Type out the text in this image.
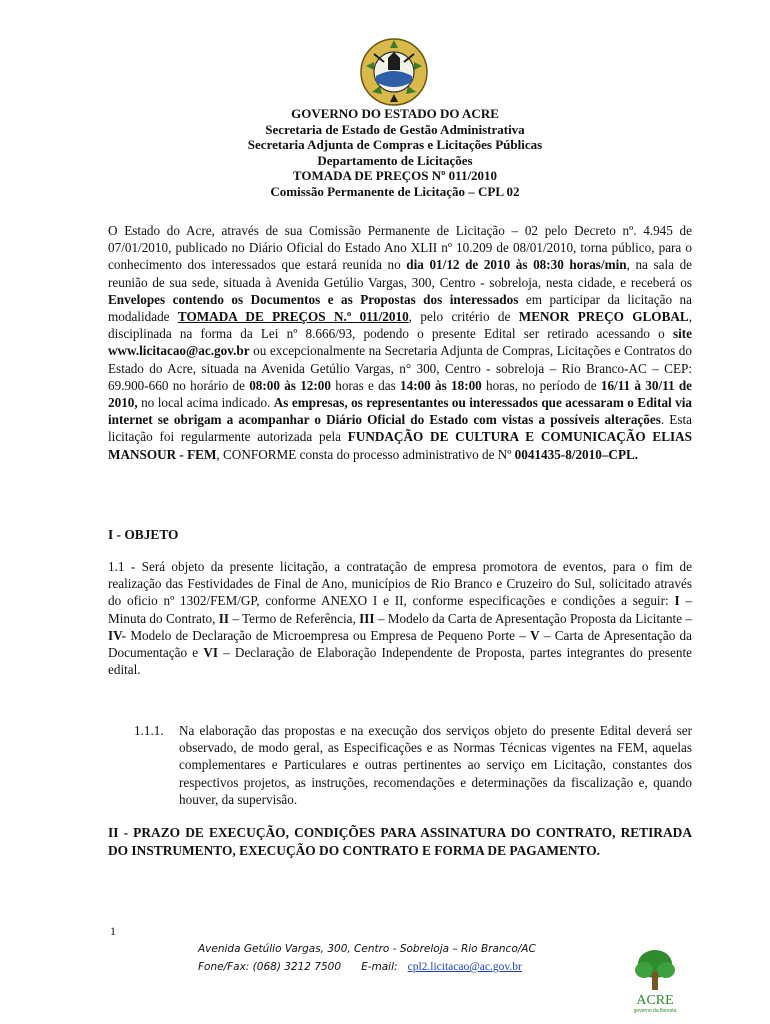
GOVERNO DO ESTADO DO ACRE
Secretaria de Estado de Gestão Administrativa
Secretaria Adjunta de Compras e Licitações Públicas
Departamento de Licitações
TOMADA DE PREÇOS Nº 011/2010
Comissão Permanente de Licitação – CPL 02
O Estado do Acre, através de sua Comissão Permanente de Licitação – 02 pelo Decreto nº. 4.945 de 07/01/2010, publicado no Diário Oficial do Estado Ano XLII nº 10.209 de 08/01/2010, torna público, para o conhecimento dos interessados que estará reunida no dia 01/12 de 2010 às 08:30 horas/min, na sala de reunião de sua sede, situada à Avenida Getúlio Vargas, 300, Centro - sobreloja, nesta cidade, e receberá os Envelopes contendo os Documentos e as Propostas dos interessados em participar da licitação na modalidade TOMADA DE PREÇOS N.º 011/2010, pelo critério de MENOR PREÇO GLOBAL, disciplinada na forma da Lei nº 8.666/93, podendo o presente Edital ser retirado acessando o site www.licitacao@ac.gov.br ou excepcionalmente na Secretaria Adjunta de Compras, Licitações e Contratos do Estado do Acre, situada na Avenida Getúlio Vargas, n° 300, Centro - sobreloja – Rio Branco-AC – CEP: 69.900-660 no horário de 08:00 às 12:00 horas e das 14:00 às 18:00 horas, no período de 16/11 à 30/11 de 2010, no local acima indicado. As empresas, os representantes ou interessados que acessaram o Edital via internet se obrigam a acompanhar o Diário Oficial do Estado com vistas a possíveis alterações. Esta licitação foi regularmente autorizada pela FUNDAÇÃO DE CULTURA E COMUNICAÇÃO ELIAS MANSOUR - FEM, CONFORME consta do processo administrativo de Nº 0041435-8/2010–CPL.
I - OBJETO
1.1 - Será objeto da presente licitação, a contratação de empresa promotora de eventos, para o fim de realização das Festividades de Final de Ano, municípios de Rio Branco e Cruzeiro do Sul, solicitado através do oficio nº 1302/FEM/GP, conforme ANEXO I e II, conforme especificações e condições a seguir: I – Minuta do Contrato, II – Termo de Referência, III – Modelo da Carta de Apresentação Proposta da Licitante – IV- Modelo de Declaração de Microempresa ou Empresa de Pequeno Porte – V – Carta de Apresentação da Documentação e VI – Declaração de Elaboração Independente de Proposta, partes integrantes do presente edital.
1.1.1. Na elaboração das propostas e na execução dos serviços objeto do presente Edital deverá ser observado, de modo geral, as Especificações e as Normas Técnicas vigentes na FEM, aquelas complementares e Particulares e outras pertinentes ao serviço em Licitação, constantes dos respectivos projetos, as instruções, recomendações e determinações da fiscalização e, quando houver, da supervisão.
II - PRAZO DE EXECUÇÃO, CONDIÇÕES PARA ASSINATURA DO CONTRATO, RETIRADA DO INSTRUMENTO, EXECUÇÃO DO CONTRATO E FORMA DE PAGAMENTO.
1
Avenida Getúlio Vargas, 300, Centro - Sobreloja – Rio Branco/AC
Fone/Fax: (068) 3212 7500 E-mail: cpl2.licitacao@ac.gov.br
ACRE
governo da floresta
